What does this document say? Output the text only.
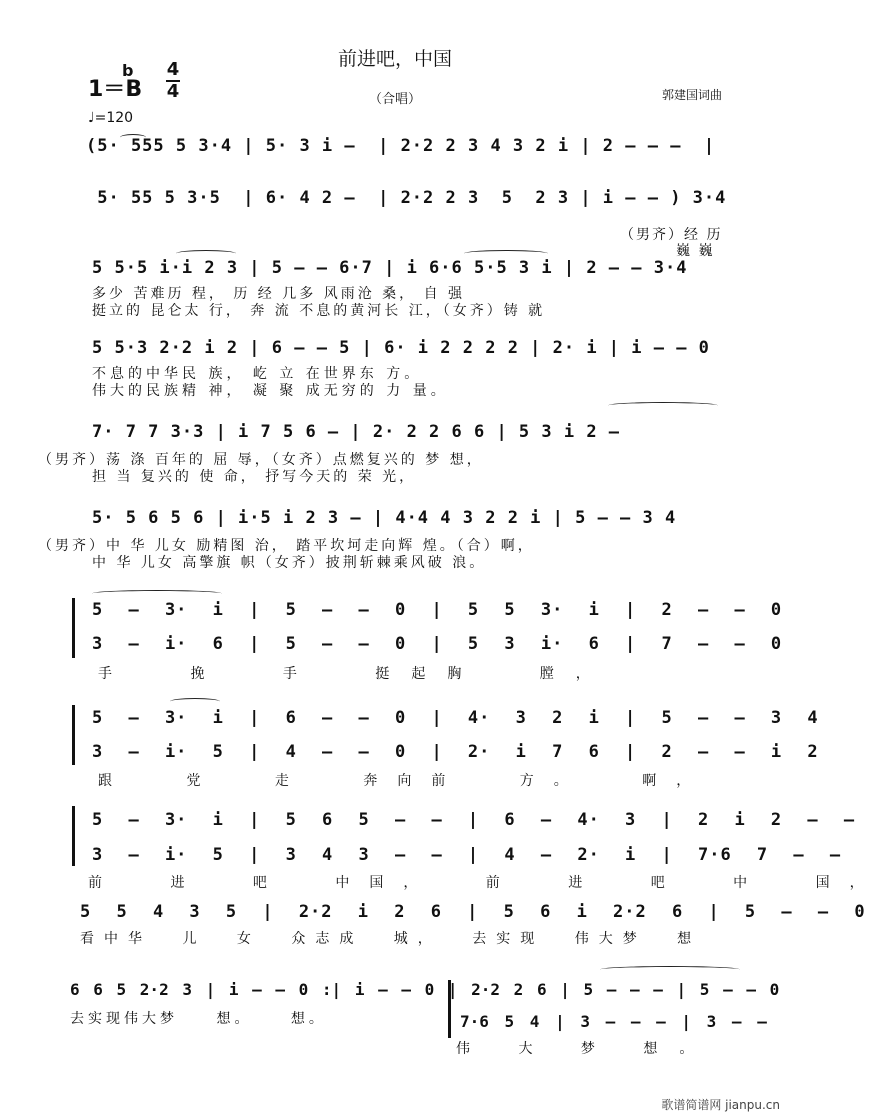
前进吧，中国
（合唱）	郭建国词曲
1＝B
b 4
4
♩=120
(5· 555 5 3·4 | 5· 3 i –  | 2·2 2 3 4 3 2 i | 2 – – –  |
5· 55 5 3·5  | 6· 4 2 –  | 2·2 2 3  5  2 3 | i – – ) 3·4
（男齐）经 历
巍 巍
5 5·5 i·i 2 3 | 5 – – 6·7 | i 6·6 5·5 3 i | 2 – – 3·4
多少 苦难历 程， 历 经 几多 风雨沧 桑， 自 强
挺立的 昆仑太 行， 奔 流 不息的黄河长 江，（女齐）铸 就
5 5·3 2·2 i 2 | 6 – – 5 | 6· i 2 2 2 2 | 2· i | i – – 0
不息的中华民 族， 屹 立 在世界东 方。
伟大的民族精 神， 凝 聚 成无穷的 力 量。
7· 7 7 3·3 | i 7 5 6 – | 2· 2 2 6 6 | 5 3 i 2 –
（男齐）荡 涤 百年的 屈 辱，（女齐）点燃复兴的 梦 想，
担 当 复兴的 使 命， 抒写今天的 荣 光，
5· 5 6 5 6 | i·5 i 2 3 – | 4·4 4 3 2 2 i | 5 – – 3 4
（男齐）中 华 儿女 励精图 治， 踏平坎坷走向辉 煌。（合）啊，
中 华 儿女 高擎旗 帜（女齐）披荆斩棘乘风破 浪。
5 – 3· i | 5 – – 0 | 5 5 3· i | 2 – – 0
3 – i· 6 | 5 – – 0 | 5 3 i· 6 | 7 – – 0
手 挽 手 挺起胸 膛，
5 – 3· i | 6 – – 0 | 4· 3 2 i | 5 – – 3 4
3 – i· 5 | 4 – – 0 | 2· i 7 6 | 2 – – i 2
跟 党 走 奔向前 方。 啊，
5 – 3· i | 5 6 5 – – | 6 – 4· 3 | 2 i 2 – –
3 – i· 5 | 3 4 3 – – | 4 – 2· i | 7·6 7 – –
前 进 吧 中国， 前 进 吧 中 国，
5 5 4 3 5 | 2·2 i 2 6 | 5 6 i 2·2 6 | 5 – – 0
看中华 儿 女 众志成 城， 去实现 伟大梦 想
6 6 5 2·2 3 | i – – 0 :| i – – 0 | 2·2 2 6 | 5 – – – | 5 – – 0
7·6 5 4 | 3 – – – | 3 – –
去实现伟大梦 想。 想。
伟 大 梦 想。
歌谱简谱网 jianpu.cn
